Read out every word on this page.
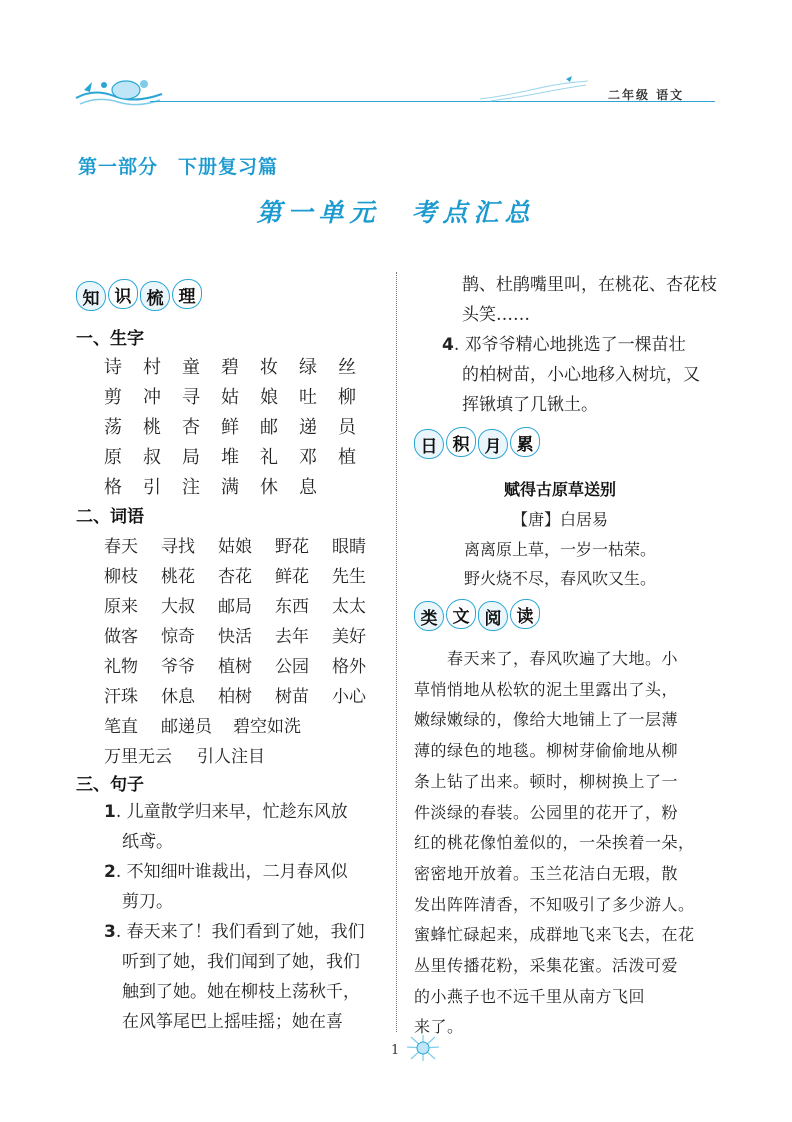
二年级 语文
第一部分　下册复习篇
第一单元　考点汇总
知 识 梳 理
一、生字
诗	村	童	碧	妆	绿	丝
剪	冲	寻	姑	娘	吐	柳
荡	桃	杏	鲜	邮	递	员
原	叔	局	堆	礼	邓	植
格	引	注	满	休	息
二、词语
春天	寻找	姑娘	野花	眼睛
柳枝	桃花	杏花	鲜花	先生
原来	大叔	邮局	东西	太太
做客	惊奇	快活	去年	美好
礼物	爷爷	植树	公园	格外
汗珠	休息	柏树	树苗	小心
笔直	邮递员	碧空如洗
万里无云	引人注目
三、句子
1. 儿童散学归来早，忙趁东风放
纸鸢。
2. 不知细叶谁裁出，二月春风似
剪刀。
3. 春天来了！我们看到了她，我们
听到了她，我们闻到了她，我们
触到了她。她在柳枝上荡秋千，
在风筝尾巴上摇哇摇；她在喜
鹊、杜鹃嘴里叫，在桃花、杏花枝
头笑……
4. 邓爷爷精心地挑选了一棵苗壮
的柏树苗，小心地移入树坑，又
挥锹填了几锹土。
日 积 月 累
赋得古原草送别
【唐】白居易
离离原上草，一岁一枯荣。
野火烧不尽，春风吹又生。
类 文 阅 读
　　春天来了，春风吹遍了大地。小
草悄悄地从松软的泥土里露出了头，
嫩绿嫩绿的，像给大地铺上了一层薄
薄的绿色的地毯。柳树芽偷偷地从柳
条上钻了出来。顿时，柳树换上了一
件淡绿的春装。公园里的花开了，粉
红的桃花像怕羞似的，一朵挨着一朵，
密密地开放着。玉兰花洁白无瑕，散
发出阵阵清香，不知吸引了多少游人。
蜜蜂忙碌起来，成群地飞来飞去，在花
丛里传播花粉，采集花蜜。活泼可爱
的小燕子也不远千里从南方飞回
来了。
1
